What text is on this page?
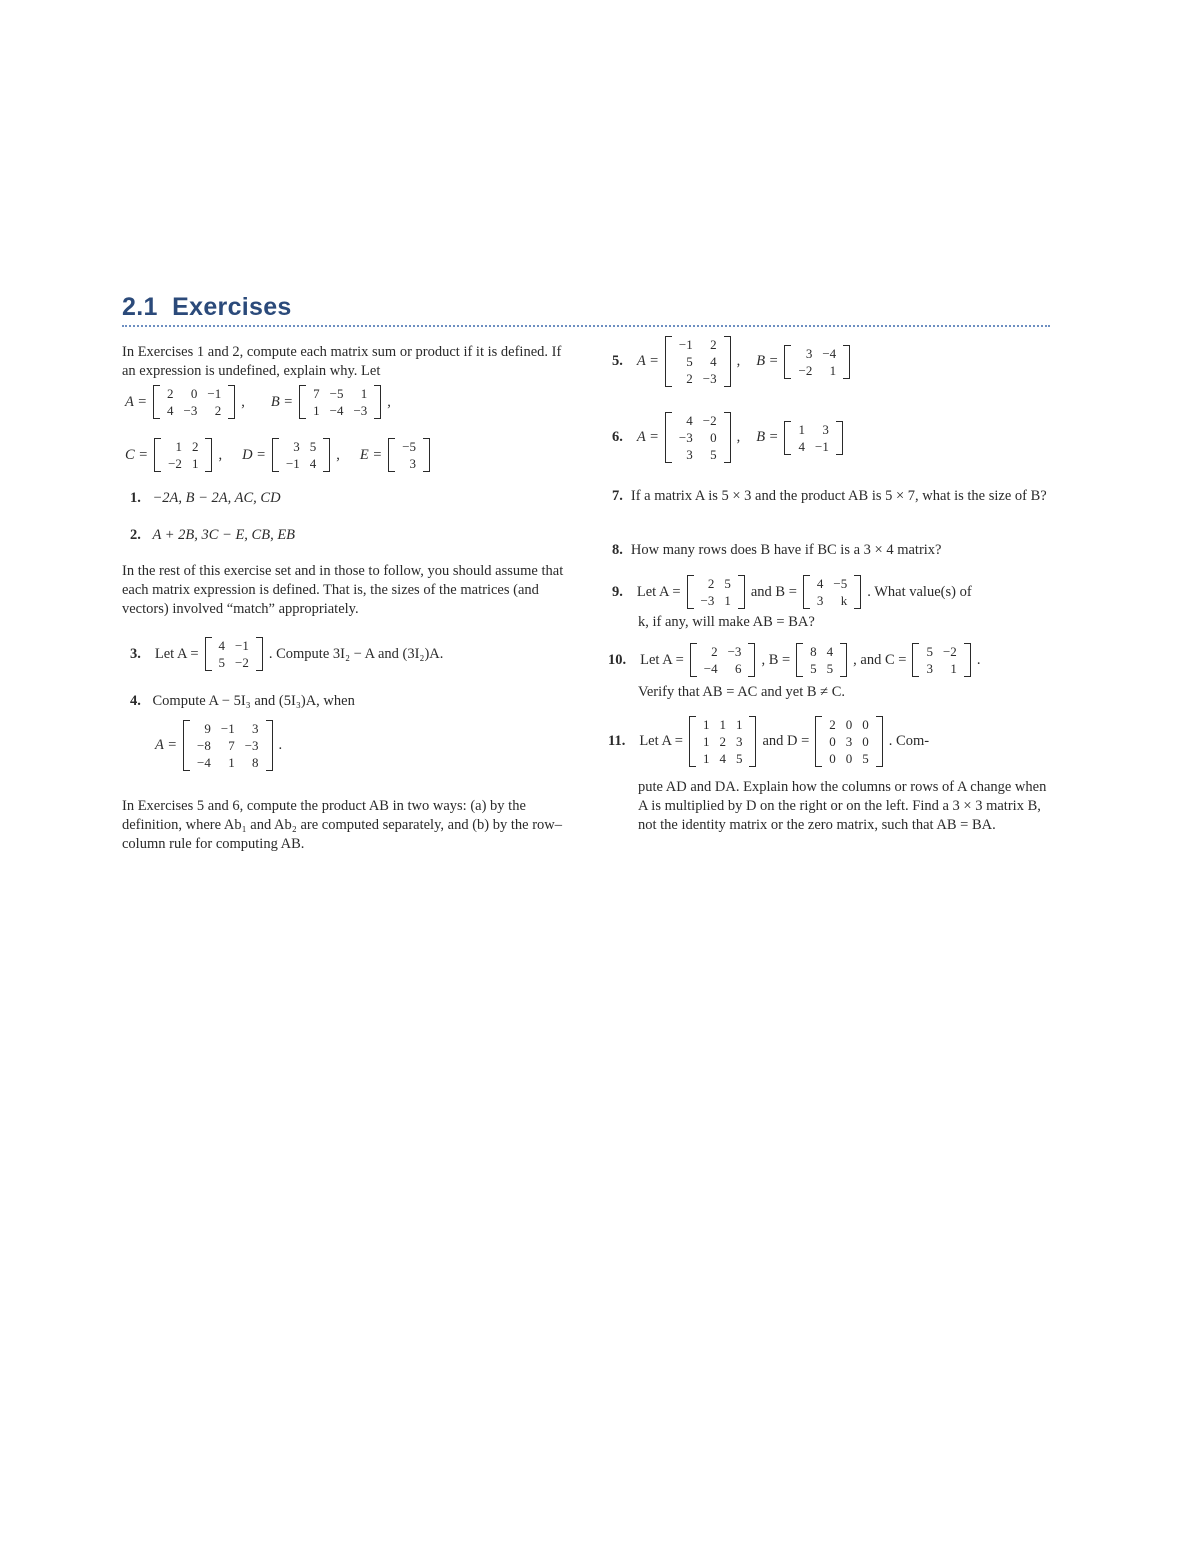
2.1 Exercises
In Exercises 1 and 2, compute each matrix sum or product if it is defined. If an expression is undefined, explain why. Let
A = 2	0	−1
4	−3	2
, B = 7	−5	1
1	−4	−3
,
C = 1	2
−2	1
, D = 3	5
−1	4
, E = −5
3
1. −2A, B − 2A, AC, CD
2. A + 2B, 3C − E, CB, EB
In the rest of this exercise set and in those to follow, you should assume that each matrix expression is defined. That is, the sizes of the matrices (and vectors) involved “match” appropriately.
3. Let A = 4	−1
5	−2
. Compute 3I₂ − A and (3I₂)A.
4. Compute A − 5I₃ and (5I₃)A, when
A =
9	−1	3
−8	7	−3
−4	1	8
.
In Exercises 5 and 6, compute the product AB in two ways: (a) by the definition, where Ab₁ and Ab₂ are computed separately, and (b) by the row–column rule for computing AB.
5. A =
−1	2
5	4
2	−3
, B = 3	−4
−2	1
6. A =
4	−2
−3	0
3	5
, B = 1	3
4	−1
7. If a matrix A is 5 × 3 and the product AB is 5 × 7, what is the size of B?
8. How many rows does B have if BC is a 3 × 4 matrix?
9. Let A = 2	5
−3	1
and B = 4	−5
3	k
. What value(s) of
k, if any, will make AB = BA?
10. Let A = 2	−3
−4	6
, B = 8	4
5	5
, and C = 5	−2
3	1
.
Verify that AB = AC and yet B ≠ C.
11. Let A =
1	1	1
1	2	3
1	4	5
and D =
2	0	0
0	3	0
0	0	5
. Com-
pute AD and DA. Explain how the columns or rows of A change when A is multiplied by D on the right or on the left. Find a 3 × 3 matrix B, not the identity matrix or the zero matrix, such that AB = BA.
